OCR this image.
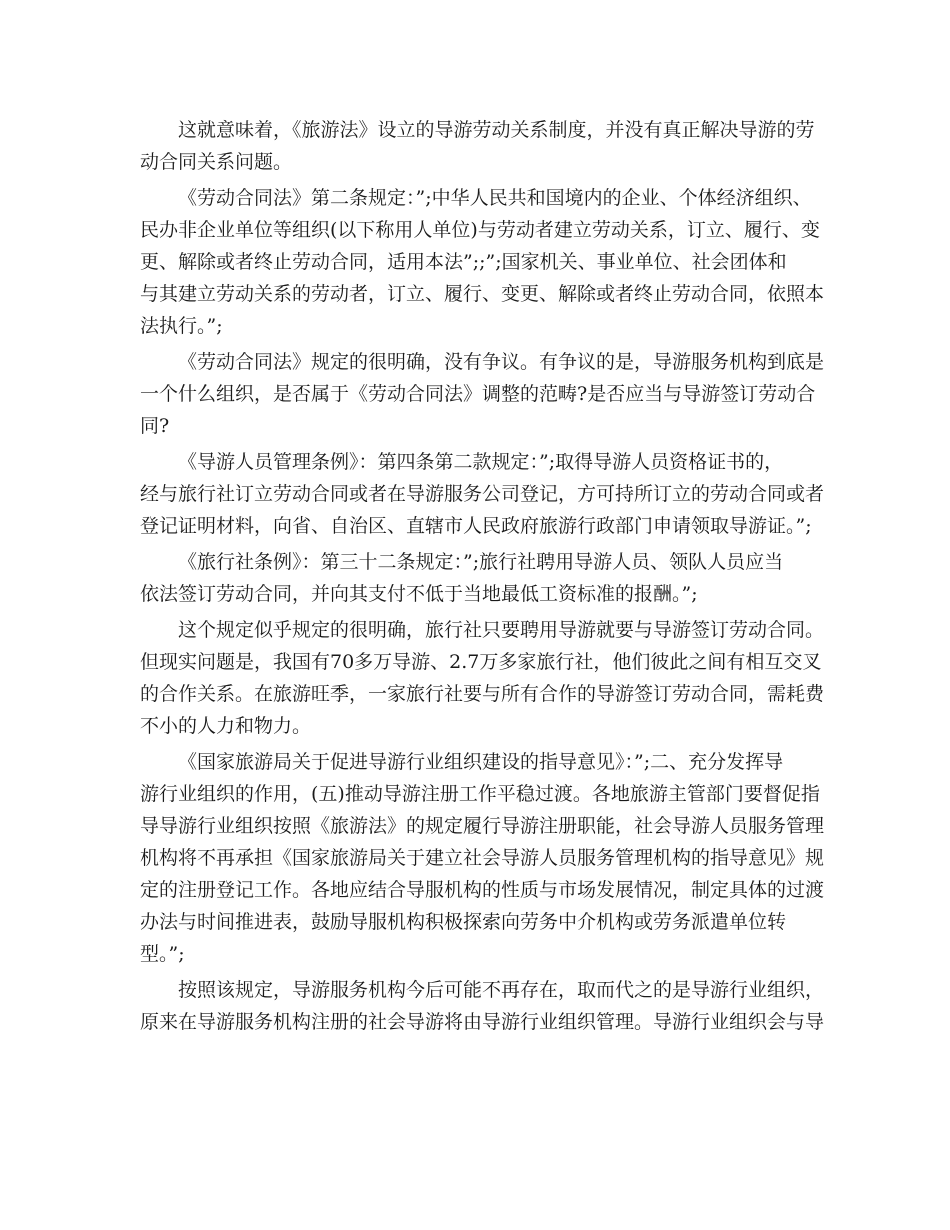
这就意味着，《旅游法》设立的导游劳动关系制度，并没有真正解决导游的劳
动合同关系问题。
《劳动合同法》第二条规定：”;中华人民共和国境内的企业、个体经济组织、
民办非企业单位等组织(以下称用人单位)与劳动者建立劳动关系，订立、履行、变
更、解除或者终止劳动合同，适用本法”;;”;国家机关、事业单位、社会团体和
与其建立劳动关系的劳动者，订立、履行、变更、解除或者终止劳动合同，依照本
法执行。”;
《劳动合同法》规定的很明确，没有争议。有争议的是，导游服务机构到底是
一个什么组织，是否属于《劳动合同法》调整的范畴?是否应当与导游签订劳动合
同?
《导游人员管理条例》：第四条第二款规定：”;取得导游人员资格证书的，
经与旅行社订立劳动合同或者在导游服务公司登记，方可持所订立的劳动合同或者
登记证明材料，向省、自治区、直辖市人民政府旅游行政部门申请领取导游证。”;
《旅行社条例》：第三十二条规定：”;旅行社聘用导游人员、领队人员应当
依法签订劳动合同，并向其支付不低于当地最低工资标准的报酬。”;
这个规定似乎规定的很明确，旅行社只要聘用导游就要与导游签订劳动合同。
但现实问题是，我国有70多万导游、2.7万多家旅行社，他们彼此之间有相互交叉
的合作关系。在旅游旺季，一家旅行社要与所有合作的导游签订劳动合同，需耗费
不小的人力和物力。
《国家旅游局关于促进导游行业组织建设的指导意见》：”;二、充分发挥导
游行业组织的作用，(五)推动导游注册工作平稳过渡。各地旅游主管部门要督促指
导导游行业组织按照《旅游法》的规定履行导游注册职能，社会导游人员服务管理
机构将不再承担《国家旅游局关于建立社会导游人员服务管理机构的指导意见》规
定的注册登记工作。各地应结合导服机构的性质与市场发展情况，制定具体的过渡
办法与时间推进表，鼓励导服机构积极探索向劳务中介机构或劳务派遣单位转
型。”;
按照该规定，导游服务机构今后可能不再存在，取而代之的是导游行业组织，
原来在导游服务机构注册的社会导游将由导游行业组织管理。导游行业组织会与导
